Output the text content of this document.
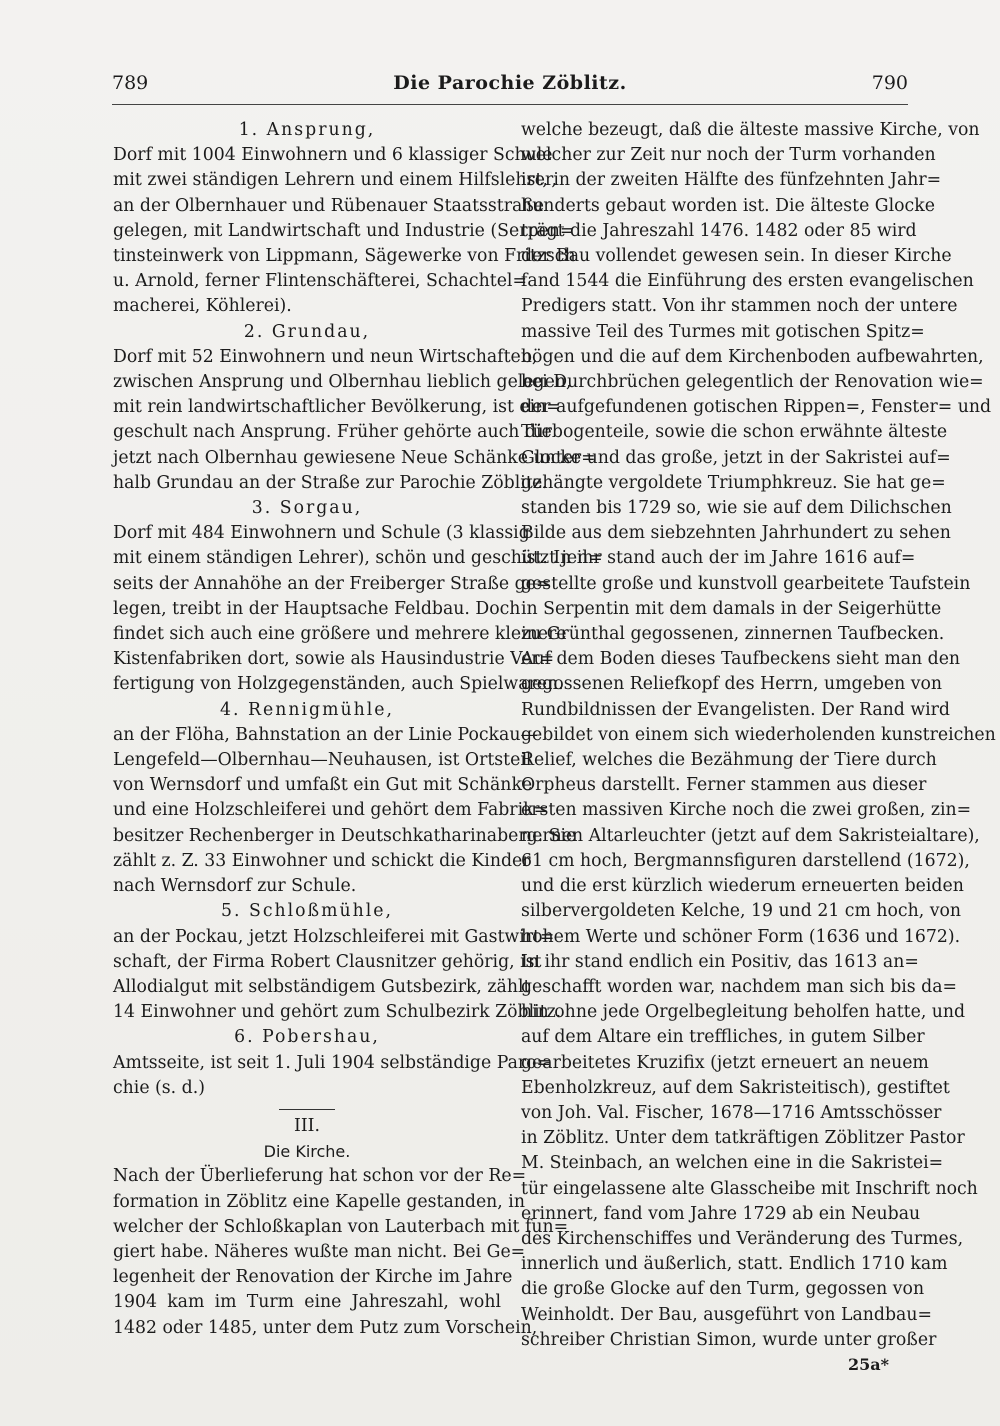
789	Die Parochie Zöblitz.	790
1. Ansprung,
Dorf mit 1004 Einwohnern und 6 klassiger Schule
mit zwei ständigen Lehrern und einem Hilfslehrer,
an der Olbernhauer und Rübenauer Staatsstraße
gelegen, mit Landwirtschaft und Industrie (Serpen=
tinsteinwerk von Lippmann, Sägewerke von Fritzsch
u. Arnold, ferner Flintenschäfterei, Schachtel=
macherei, Köhlerei).
2. Grundau,
Dorf mit 52 Einwohnern und neun Wirtschaften,
zwischen Ansprung und Olbernhau lieblich gelegen,
mit rein landwirtschaftlicher Bevölkerung, ist ein=
geschult nach Ansprung. Früher gehörte auch die
jetzt nach Olbernhau gewiesene Neue Schänke unter=
halb Grundau an der Straße zur Parochie Zöblitz.
3. Sorgau,
Dorf mit 484 Einwohnern und Schule (3 klassig
mit einem ständigen Lehrer), schön und geschützt jen=
seits der Annahöhe an der Freiberger Straße ge=
legen, treibt in der Hauptsache Feldbau. Doch
findet sich auch eine größere und mehrere kleinere
Kistenfabriken dort, sowie als Hausindustrie Ver=
fertigung von Holzgegenständen, auch Spielwaren.
4. Rennigmühle,
an der Flöha, Bahnstation an der Linie Pockau—
Lengefeld—Olbernhau—Neuhausen, ist Ortsteil
von Wernsdorf und umfaßt ein Gut mit Schänke
und eine Holzschleiferei und gehört dem Fabrik=
besitzer Rechenberger in Deutschkatharinaberg. Sie
zählt z. Z. 33 Einwohner und schickt die Kinder
nach Wernsdorf zur Schule.
5. Schloßmühle,
an der Pockau, jetzt Holzschleiferei mit Gastwirt=
schaft, der Firma Robert Clausnitzer gehörig, ist
Allodialgut mit selbständigem Gutsbezirk, zählt
14 Einwohner und gehört zum Schulbezirk Zöblitz.
6. Pobershau,
Amtsseite, ist seit 1. Juli 1904 selbständige Paro=
chie (s. d.)
III.
Die Kirche.
Nach der Überlieferung hat schon vor der Re=
formation in Zöblitz eine Kapelle gestanden, in
welcher der Schloßkaplan von Lauterbach mit fun=
giert habe. Näheres wußte man nicht. Bei Ge=
legenheit der Renovation der Kirche im Jahre
1904 kam im Turm eine Jahreszahl, wohl
1482 oder 1485, unter dem Putz zum Vorschein,
welche bezeugt, daß die älteste massive Kirche, von
welcher zur Zeit nur noch der Turm vorhanden
ist, in der zweiten Hälfte des fünfzehnten Jahr=
hunderts gebaut worden ist. Die älteste Glocke
trägt die Jahreszahl 1476. 1482 oder 85 wird
der Bau vollendet gewesen sein. In dieser Kirche
fand 1544 die Einführung des ersten evangelischen
Predigers statt. Von ihr stammen noch der untere
massive Teil des Turmes mit gotischen Spitz=
bögen und die auf dem Kirchenboden aufbewahrten,
bei Durchbrüchen gelegentlich der Renovation wie=
der aufgefundenen gotischen Rippen=, Fenster= und
Türbogenteile, sowie die schon erwähnte älteste
Glocke und das große, jetzt in der Sakristei auf=
gehängte vergoldete Triumphkreuz. Sie hat ge=
standen bis 1729 so, wie sie auf dem Dilichschen
Bilde aus dem siebzehnten Jahrhundert zu sehen
ist. In ihr stand auch der im Jahre 1616 auf=
gestellte große und kunstvoll gearbeitete Taufstein
in Serpentin mit dem damals in der Seigerhütte
zu Grünthal gegossenen, zinnernen Taufbecken.
Auf dem Boden dieses Taufbeckens sieht man den
gegossenen Reliefkopf des Herrn, umgeben von
Rundbildnissen der Evangelisten. Der Rand wird
gebildet von einem sich wiederholenden kunstreichen
Relief, welches die Bezähmung der Tiere durch
Orpheus darstellt. Ferner stammen aus dieser
ersten massiven Kirche noch die zwei großen, zin=
nernen Altarleuchter (jetzt auf dem Sakristeialtare),
61 cm hoch, Bergmannsfiguren darstellend (1672),
und die erst kürzlich wiederum erneuerten beiden
silbervergoldeten Kelche, 19 und 21 cm hoch, von
hohem Werte und schöner Form (1636 und 1672).
In ihr stand endlich ein Positiv, das 1613 an=
geschafft worden war, nachdem man sich bis da=
hin ohne jede Orgelbegleitung beholfen hatte, und
auf dem Altare ein treffliches, in gutem Silber
gearbeitetes Kruzifix (jetzt erneuert an neuem
Ebenholzkreuz, auf dem Sakristeitisch), gestiftet
von Joh. Val. Fischer, 1678—1716 Amtsschösser
in Zöblitz. Unter dem tatkräftigen Zöblitzer Pastor
M. Steinbach, an welchen eine in die Sakristei=
tür eingelassene alte Glasscheibe mit Inschrift noch
erinnert, fand vom Jahre 1729 ab ein Neubau
des Kirchenschiffes und Veränderung des Turmes,
innerlich und äußerlich, statt. Endlich 1710 kam
die große Glocke auf den Turm, gegossen von
Weinholdt. Der Bau, ausgeführt von Landbau=
schreiber Christian Simon, wurde unter großer
25a*
